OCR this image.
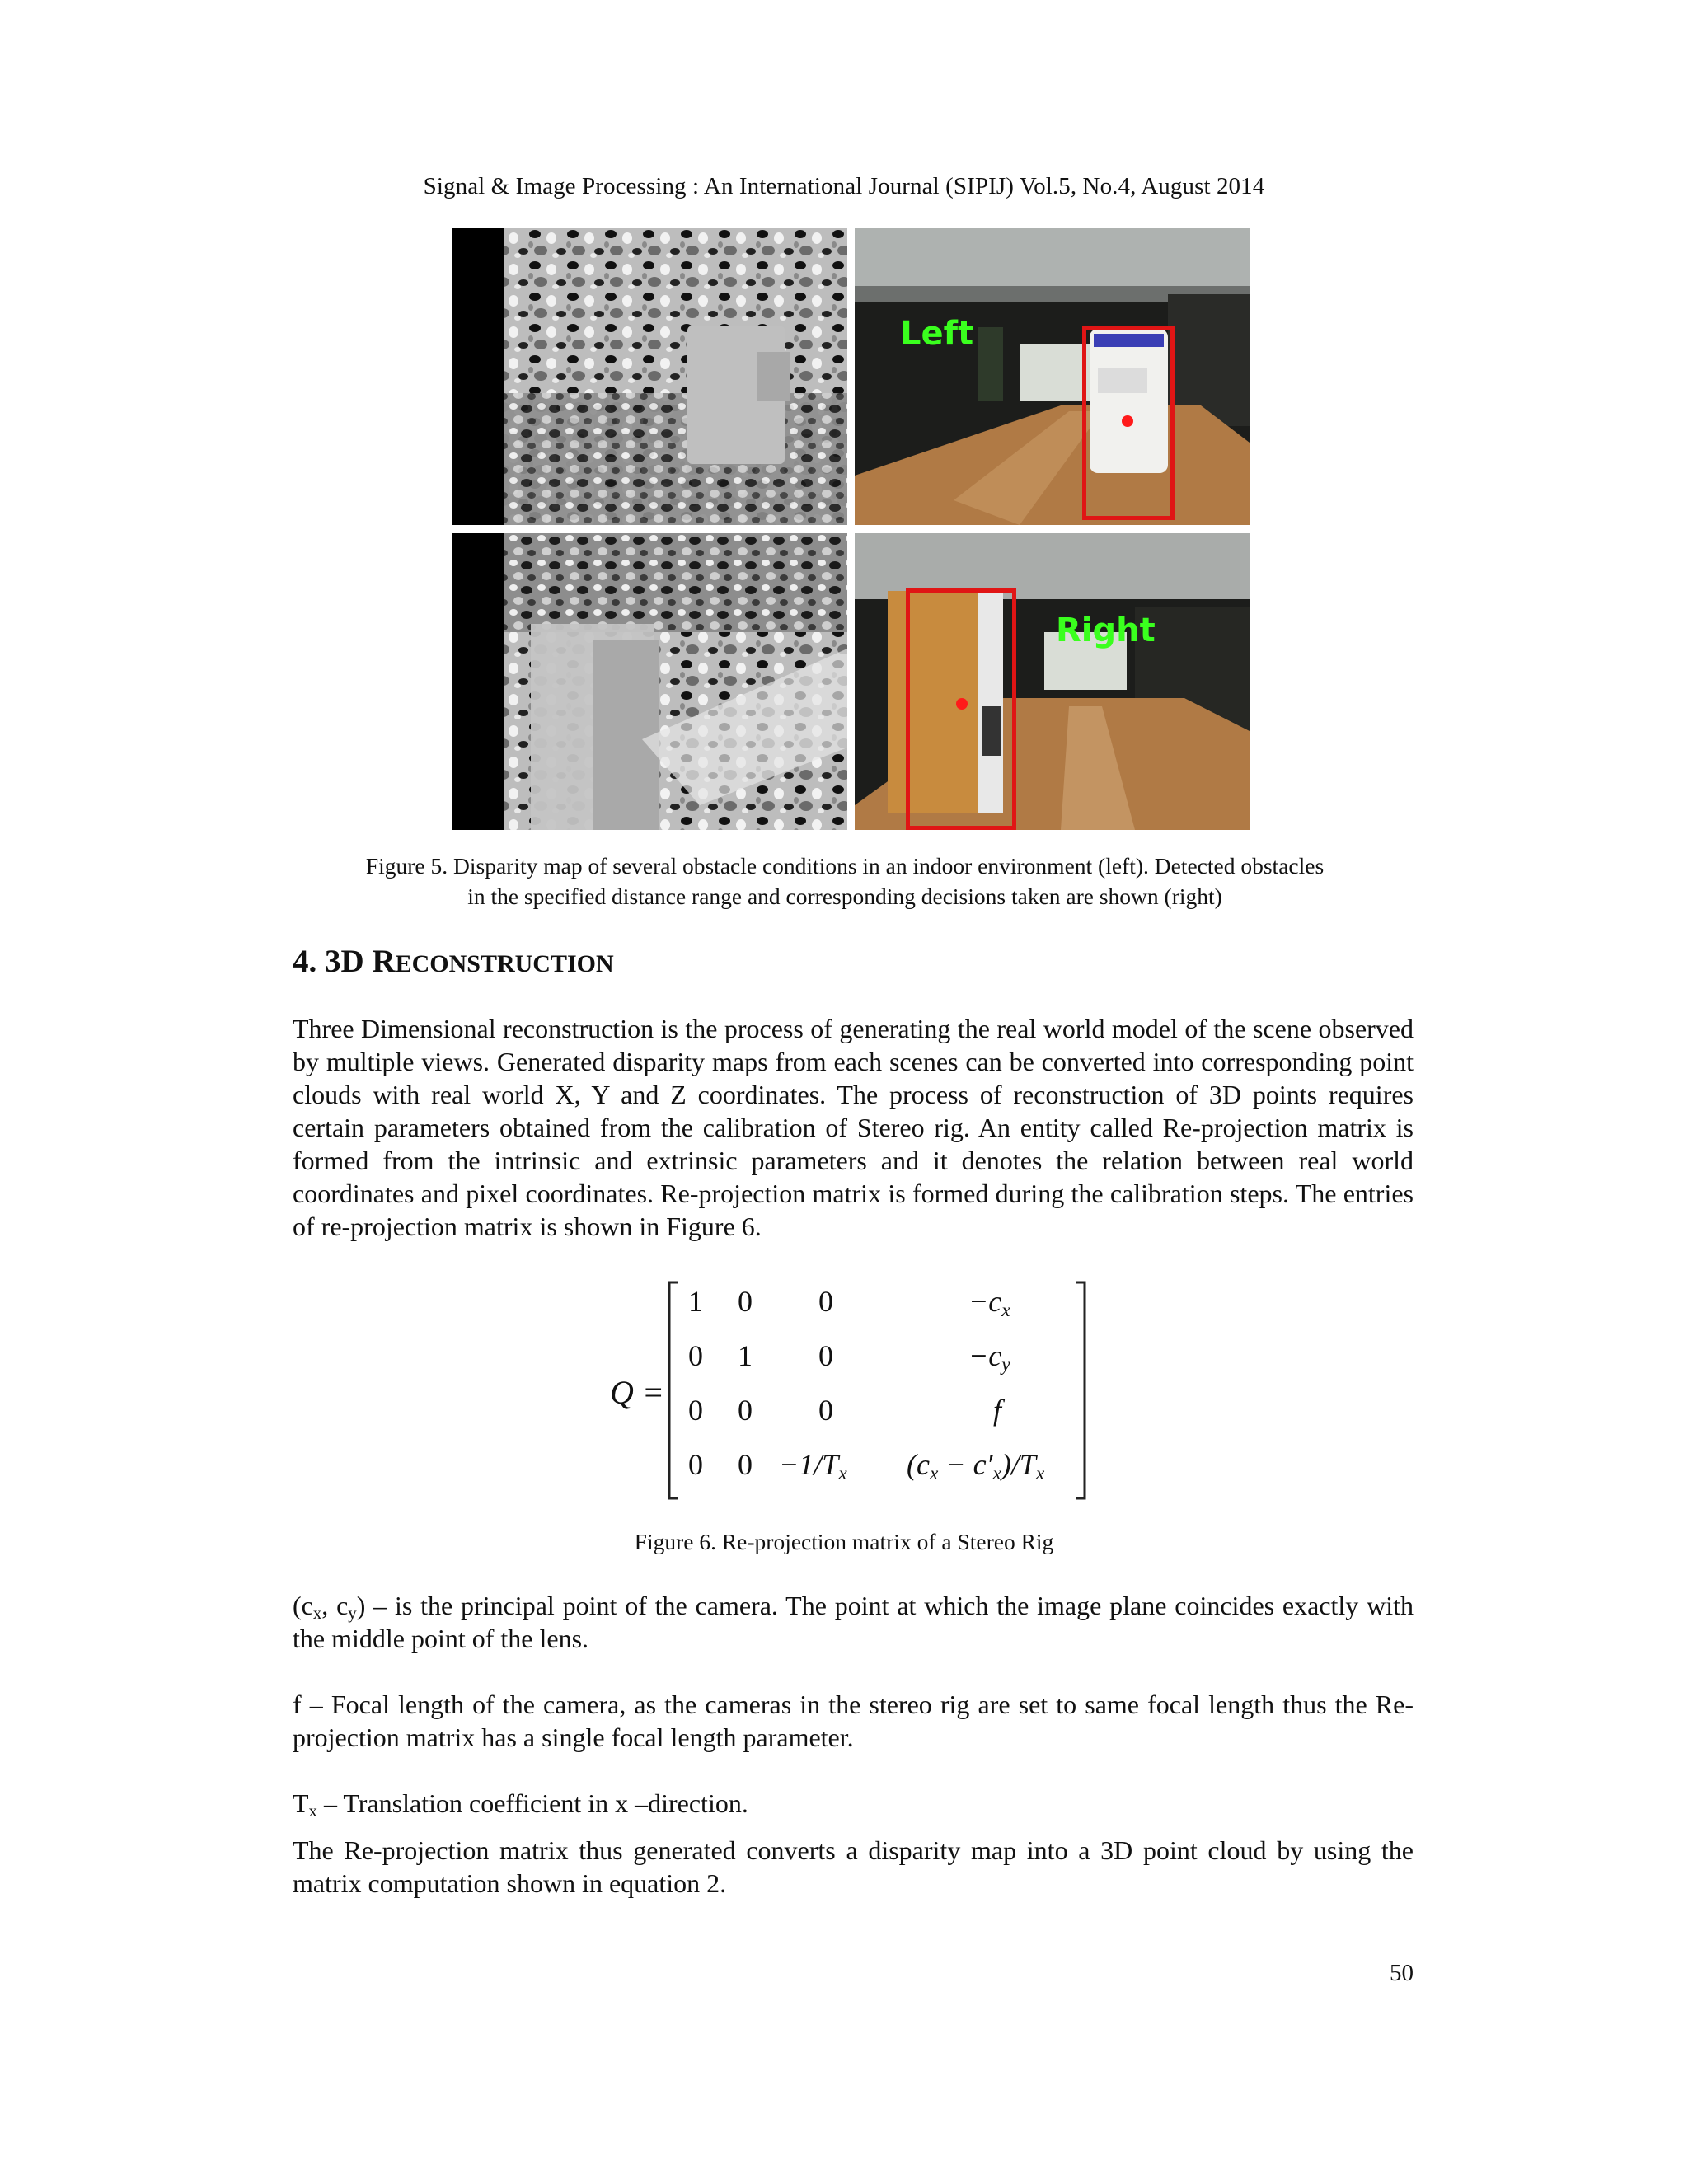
Signal & Image Processing : An International Journal (SIPIJ) Vol.5, No.4, August 2014
Left
Right
Figure 5. Disparity map of several obstacle conditions in an indoor environment (left). Detected obstacles
in the specified distance range and corresponding decisions taken are shown (right)
4. 3D RECONSTRUCTION
Three Dimensional reconstruction is the process of generating the real world model of the scene observed by multiple views. Generated disparity maps from each scenes can be converted into corresponding point clouds with real world X, Y and Z coordinates. The process of reconstruction of 3D points requires certain parameters obtained from the calibration of Stereo rig. An entity called Re-projection matrix is formed from the intrinsic and extrinsic parameters and it denotes the relation between real world coordinates and pixel coordinates. Re-projection matrix is formed during the calibration steps. The entries of re-projection matrix is shown in Figure 6.
Q =
1 0 0	$-c_x$
0 1 0	$-c_y$
0 0 0	f
0 $0 -1/T_x$ $(c_x - c'_x)/T_x$
Figure 6. Re-projection matrix of a Stereo Rig
($c_x$, $c_y$) – is the principal point of the camera. The point at which the image plane coincides exactly with the middle point of the lens.
f – Focal length of the camera, as the cameras in the stereo rig are set to same focal length thus the Re-projection matrix has a single focal length parameter.
$T_x$ – Translation coefficient in x –direction.
The Re-projection matrix thus generated converts a disparity map into a 3D point cloud by using the matrix computation shown in equation 2.
50
